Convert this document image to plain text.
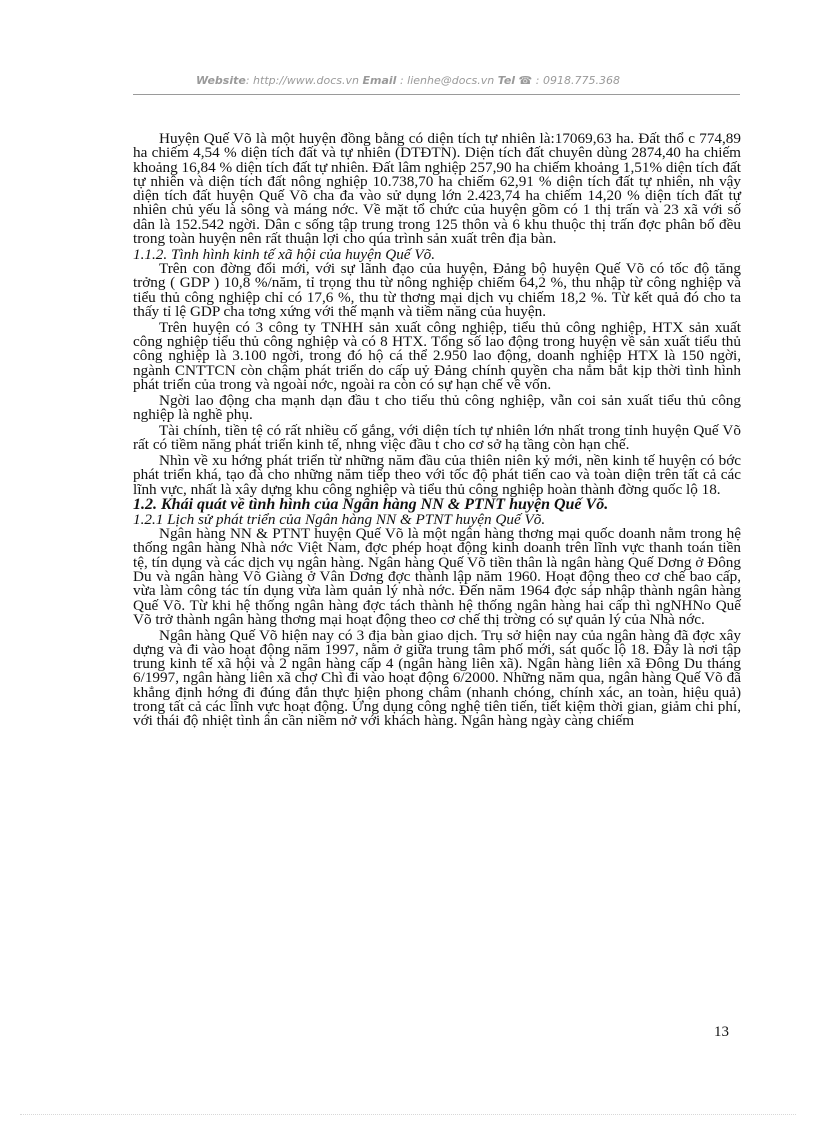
Website: http://www.docs.vn Email : lienhe@docs.vn Tel ☎ : 0918.775.368

Huyện Quế Võ là một huyện đồng bằng có diện tích tự nhiên là:17069,63 ha. Đất thổ c 774,89 ha chiếm 4,54 % diện tích đất và tự nhiên (DTĐTN). Diện tích đất chuyên dùng 2874,40 ha chiếm khoảng 16,84 % diện tích đất tự nhiên. Đất lâm nghiệp 257,90 ha chiếm khoảng 1,51% diện tích đất tự nhiên và diện tích đất nông nghiệp 10.738,70 ha chiếm 62,91 % diện tích đất tự nhiên, nh vậy diện tích đất huyện Quế Võ cha đa vào sử dụng lớn 2.423,74 ha chiếm 14,20 % diện tích đất tự nhiên chủ yếu là sông và máng nớc. Về mặt tổ chức của huyện gồm có 1 thị trấn và 23 xã với số dân là 152.542 ngời. Dân c sống tập trung trong 125 thôn và 6 khu thuộc thị trấn đợc phân bố đều trong toàn huyện nên rất thuận lợi cho qúa trình sản xuất trên địa bàn.

1.1.2. Tình hình kinh tế xã hội của huyện Quế Võ.

Trên con đờng đổi mới, với sự lãnh đạo của huyện, Đảng bộ huyện Quế Võ có tốc độ tăng trởng ( GDP ) 10,8 %/năm, tỉ trọng thu từ nông nghiệp chiếm 64,2 %, thu nhập từ công nghiệp và tiểu thủ công nghiệp chỉ có 17,6 %, thu từ thơng mại dịch vụ chiếm 18,2 %. Từ kết quả đó cho ta thấy tỉ lệ GDP cha tơng xứng với thế mạnh và tiềm năng của huyện.

Trên huyện có 3 công ty TNHH sản xuất công nghiệp, tiểu thủ công nghiệp, HTX sản xuất công nghiệp tiểu thủ công nghiệp và có 8 HTX. Tổng số lao động trong huyện về sản xuất tiểu thủ công nghiệp là 3.100 ngời, trong đó hộ cá thể 2.950 lao động, doanh nghiệp HTX là 150 ngời, ngành CNTTCN còn chậm phát triển do cấp uỷ Đảng chính quyền cha nắm bắt kịp thời tình hình phát triển của trong và ngoài nớc, ngoài ra còn có sự hạn chế về vốn.

Ngời lao động cha mạnh dạn đầu t cho tiểu thủ công nghiệp, vẫn coi sản xuất tiểu thủ công nghiệp là nghề phụ.

Tài chính, tiền tệ có rất nhiều cố gắng, với diện tích tự nhiên lớn nhất trong tỉnh huyện Quế Võ rất có tiềm năng phát triển kinh tế, nhng việc đầu t cho cơ sở hạ tầng còn hạn chế.

Nhìn về xu hớng phát triển từ những năm đầu của thiên niên kỷ mới, nền kinh tế huyện có bớc phát triển khá, tạo đà cho những năm tiếp theo với tốc độ phát tiển cao và toàn diện trên tất cả các lĩnh vực, nhất là xây dựng khu công nghiệp và tiểu thủ công nghiệp hoàn thành đờng quốc lộ 18.

1.2. Khái quát về tình hình của Ngân hàng NN & PTNT huyện Quế Võ.

1.2.1 Lịch sử phát triển của Ngân hàng NN & PTNT huyện Quế Võ.

Ngân hàng NN & PTNT huyện Quế Võ là một ngân hàng thơng mại quốc doanh nằm trong hệ thống ngân hàng Nhà nớc Việt Nam, đợc phép hoạt động kinh doanh trên lĩnh vực thanh toán tiền tệ, tín dụng và các dịch vụ ngân hàng. Ngân hàng Quế Võ tiền thân là ngân hàng Quế Dơng ở Đông Du và ngân hàng Võ Giàng ở Vân Dơng đợc thành lập năm 1960. Hoạt động theo cơ chế bao cấp, vừa làm công tác tín dụng vừa làm quản lý nhà nớc. Đến năm 1964 đợc sáp nhập thành ngân hàng Quế Võ. Từ khi hệ thống ngân hàng đợc tách thành hệ thống ngân hàng hai cấp thì ngNHNo Quế Võ trở thành ngân hàng thơng mại hoạt động theo cơ chế thị trờng có sự quản lý của Nhà nớc.

Ngân hàng Quế Võ hiện nay có 3 địa bàn giao dịch. Trụ sở hiện nay của ngân hàng đã đợc xây dựng và đi vào hoạt động năm 1997, nằm ở giữa trung tâm phố mới, sát quốc lộ 18. Đây là nơi tập trung kinh tế xã hội và 2 ngân hàng cấp 4 (ngân hàng liên xã). Ngân hàng liên xã Đông Du tháng 6/1997, ngân hàng liên xã chợ Chì đi vào hoạt động 6/2000. Những năm qua, ngân hàng Quế Võ đã khẳng định hớng đi đúng đắn thực hiện phong châm (nhanh chóng, chính xác, an toàn, hiệu quả) trong tất cả các lĩnh vực hoạt động. Ứng dụng công nghệ tiên tiến, tiết kiệm thời gian, giảm chi phí, với thái độ nhiệt tình ân cần niềm nở với khách hàng. Ngân hàng ngày càng chiếm

13
